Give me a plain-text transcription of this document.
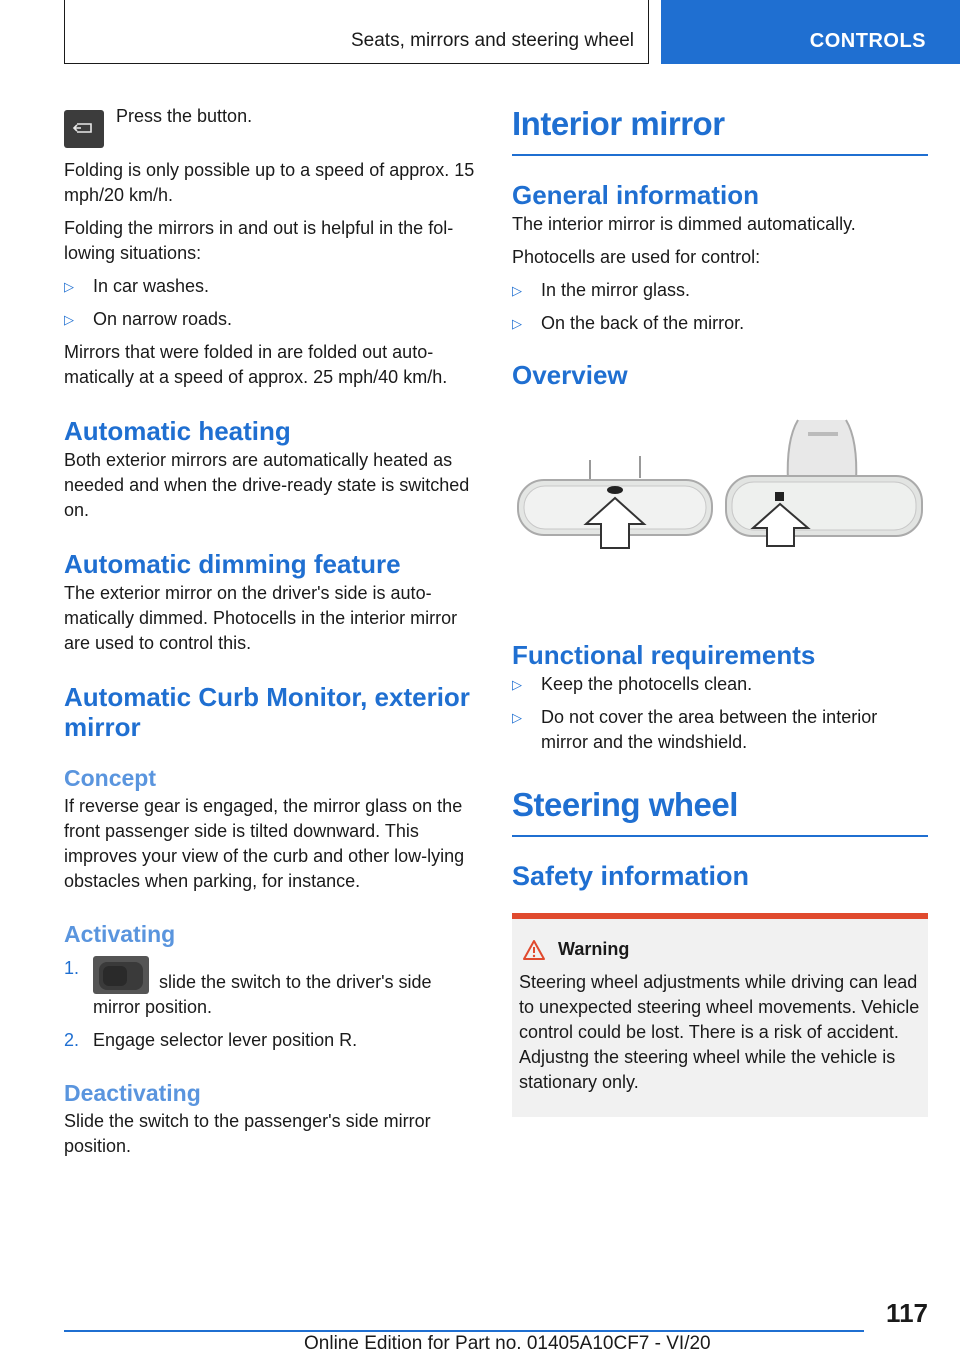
Seats, mirrors and steering wheel	CONTROLS
Press the button.

Folding is only possible up to a speed of approx. 15 mph/20 km/h.

Folding the mirrors in and out is helpful in the following situations:

▷ In car washes.
▷ On narrow roads.

Mirrors that were folded in are folded out automatically at a speed of approx. 25 mph/40 km/h.

Automatic heating

Both exterior mirrors are automatically heated as needed and when the drive-ready state is switched on.

Automatic dimming feature

The exterior mirror on the driver's side is automatically dimmed. Photocells in the interior mirror are used to control this.

Automatic Curb Monitor, exterior mirror
Concept

If reverse gear is engaged, the mirror glass on the front passenger side is tilted downward. This improves your view of the curb and other low-lying obstacles when parking, for instance.

Activating
1.
slide the switch to the driver's side mirror position.
2. Engage selector lever position R.
Deactivating

Slide the switch to the passenger's side mirror position.

Interior mirror
General information

The interior mirror is dimmed automatically.

Photocells are used for control:

▷ In the mirror glass.
▷ On the back of the mirror.
Overview
Functional requirements
▷ Keep the photocells clean.
▷ Do not cover the area between the interior mirror and the windshield.
Steering wheel
Safety information
Warning
Steering wheel adjustments while driving can lead to unexpected steering wheel movements. Vehicle control could be lost. There is a risk of accident. Adjustng the steering wheel while the vehicle is stationary only.
117
Online Edition for Part no. 01405A10CF7 - VI/20
